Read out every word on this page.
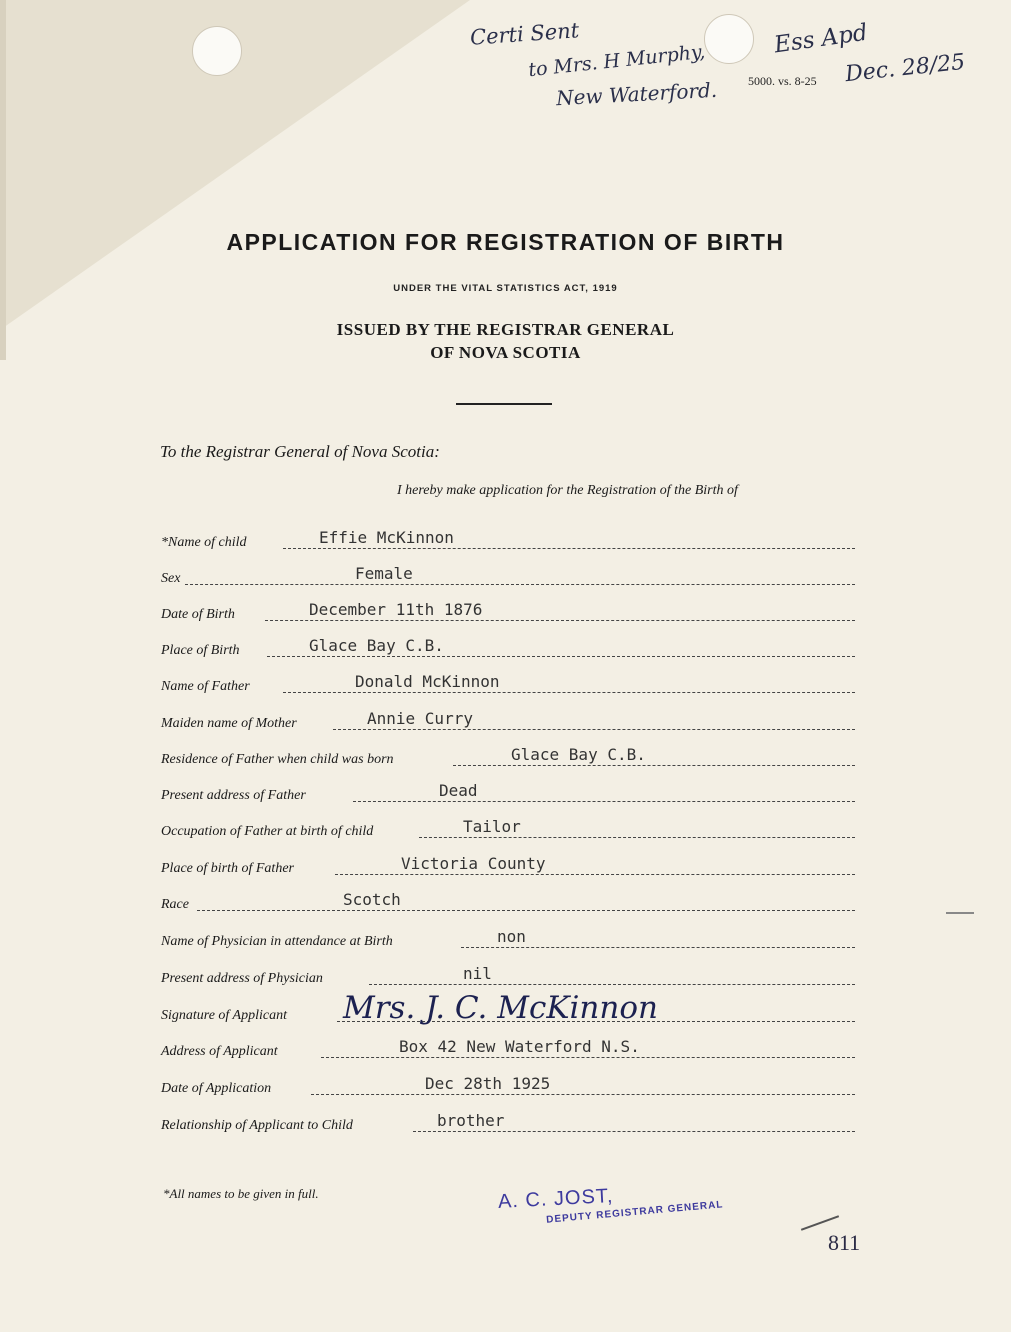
Certi Sent
to Mrs. H Murphy,
New Waterford.
Ess Apd
Dec. 28/25
5000. vs. 8-25
APPLICATION FOR REGISTRATION OF BIRTH
UNDER THE VITAL STATISTICS ACT, 1919
ISSUED BY THE REGISTRAR GENERAL
OF NOVA SCOTIA
To the Registrar General of Nova Scotia:
I hereby make application for the Registration of the Birth of
*Name of child	Effie McKinnon
Sex	Female
Date of Birth	December 11th 1876
Place of Birth	Glace Bay C.B.
Name of Father	Donald McKinnon
Maiden name of Mother	Annie Curry
Residence of Father when child was born	Glace Bay C.B.
Present address of Father	Dead
Occupation of Father at birth of child	Tailor
Place of birth of Father	Victoria County
Race	Scotch
Name of Physician in attendance at Birth	non
Present address of Physician	nil
Signature of Applicant Mrs. J. C. McKinnon
Address of Applicant	Box 42 New Waterford N.S.
Date of Application	Dec 28th 1925
Relationship of Applicant to Child	brother
*All names to be given in full.	A. C. JOST,
DEPUTY REGISTRAR GENERAL
811
